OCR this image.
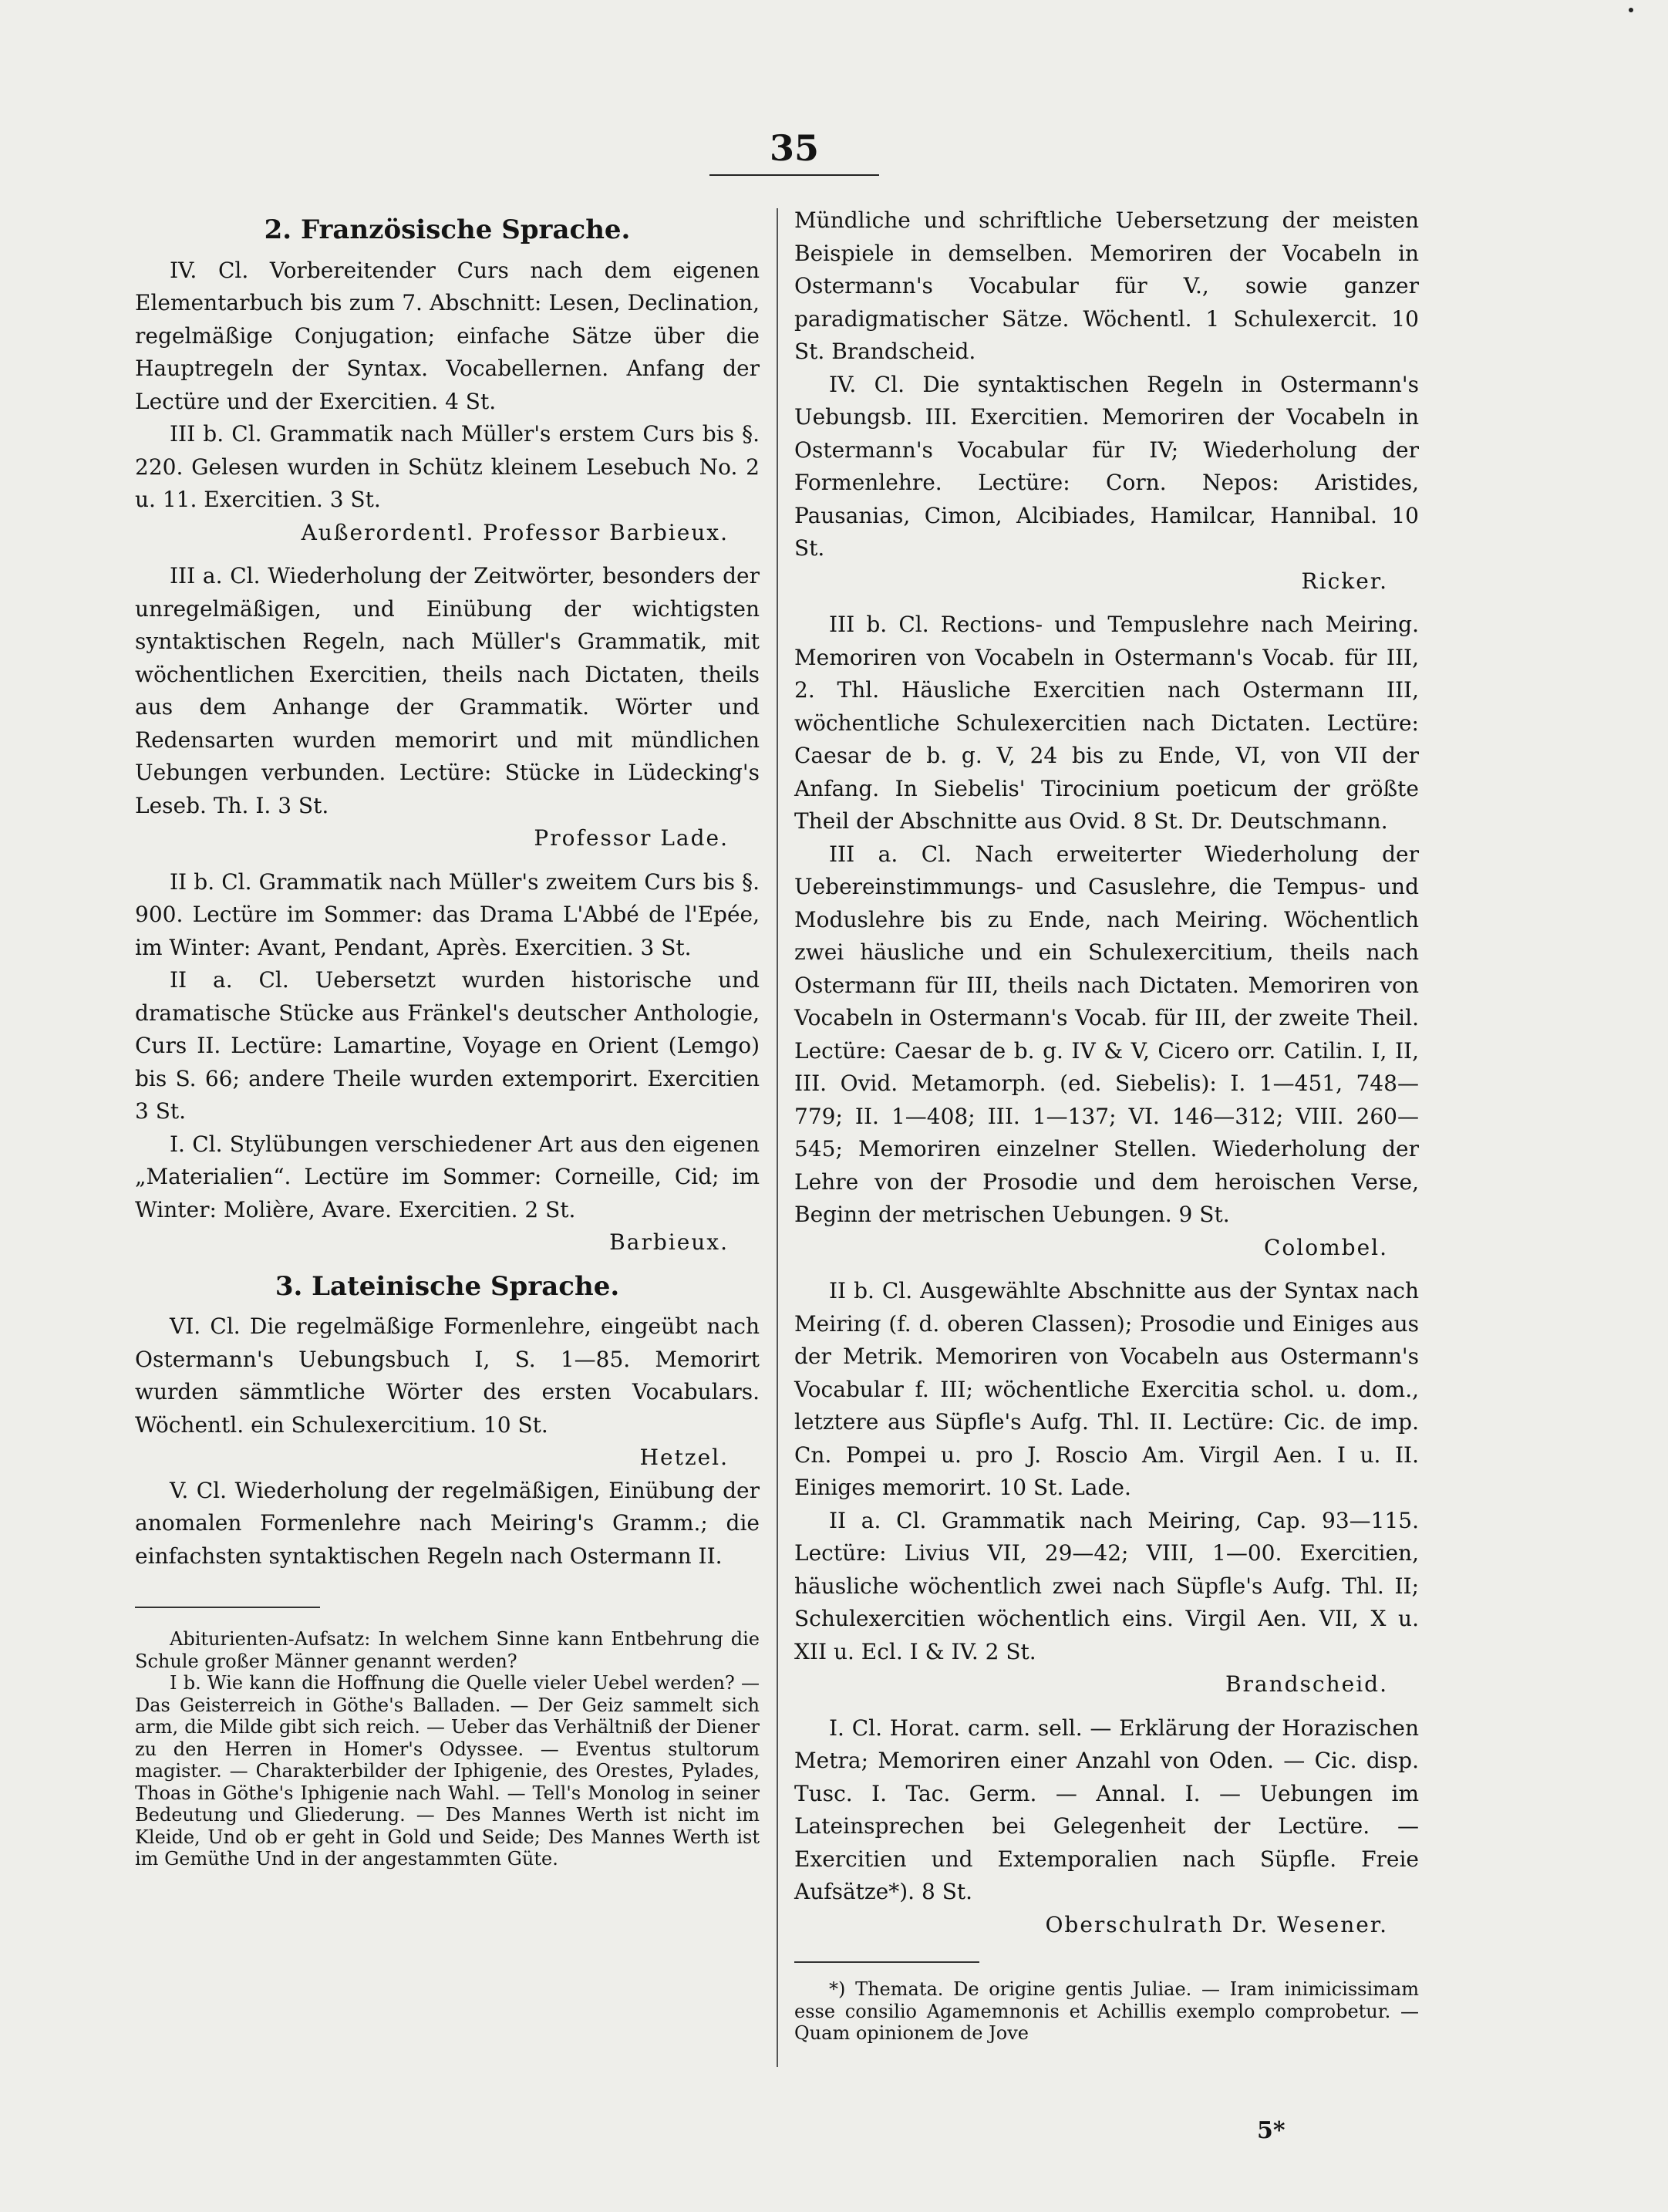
35
2. Französische Sprache.

IV. Cl. Vorbereitender Curs nach dem eigenen Elementarbuch bis zum 7. Abschnitt: Lesen, Declination, regelmäßige Conjugation; einfache Sätze über die Hauptregeln der Syntax. Vocabellernen. Anfang der Lectüre und der Exercitien. 4 St.

III b. Cl. Grammatik nach Müller's erstem Curs bis §. 220. Gelesen wurden in Schütz kleinem Lesebuch No. 2 u. 11. Exercitien. 3 St.

Außerordentl. Professor Barbieux.

III a. Cl. Wiederholung der Zeitwörter, besonders der unregelmäßigen, und Einübung der wichtigsten syntaktischen Regeln, nach Müller's Grammatik, mit wöchentlichen Exercitien, theils nach Dictaten, theils aus dem Anhange der Grammatik. Wörter und Redensarten wurden memorirt und mit mündlichen Uebungen verbunden. Lectüre: Stücke in Lüdecking's Leseb. Th. I. 3 St.

Professor Lade.

II b. Cl. Grammatik nach Müller's zweitem Curs bis §. 900. Lectüre im Sommer: das Drama L'Abbé de l'Epée, im Winter: Avant, Pendant, Après. Exercitien. 3 St.

II a. Cl. Uebersetzt wurden historische und dramatische Stücke aus Fränkel's deutscher Anthologie, Curs II. Lectüre: Lamartine, Voyage en Orient (Lemgo) bis S. 66; andere Theile wurden extemporirt. Exercitien 3 St.

I. Cl. Stylübungen verschiedener Art aus den eigenen „Materialien“. Lectüre im Sommer: Corneille, Cid; im Winter: Molière, Avare. Exercitien. 2 St.

Barbieux.

3. Lateinische Sprache.

VI. Cl. Die regelmäßige Formenlehre, eingeübt nach Ostermann's Uebungsbuch I, S. 1—85. Memorirt wurden sämmtliche Wörter des ersten Vocabulars. Wöchentl. ein Schulexercitium. 10 St.

Hetzel.

V. Cl. Wiederholung der regelmäßigen, Einübung der anomalen Formenlehre nach Meiring's Gramm.; die einfachsten syntaktischen Regeln nach Ostermann II.

Abiturienten-Aufsatz: In welchem Sinne kann Entbehrung die Schule großer Männer genannt werden?

I b. Wie kann die Hoffnung die Quelle vieler Uebel werden? — Das Geisterreich in Göthe's Balladen. — Der Geiz sammelt sich arm, die Milde gibt sich reich. — Ueber das Verhältniß der Diener zu den Herren in Homer's Odyssee. — Eventus stultorum magister. — Charakterbilder der Iphigenie, des Orestes, Pylades, Thoas in Göthe's Iphigenie nach Wahl. — Tell's Monolog in seiner Bedeutung und Gliederung. — Des Mannes Werth ist nicht im Kleide, Und ob er geht in Gold und Seide; Des Mannes Werth ist im Gemüthe Und in der angestammten Güte.

Mündliche und schriftliche Uebersetzung der meisten Beispiele in demselben. Memoriren der Vocabeln in Ostermann's Vocabular für V., sowie ganzer paradigmatischer Sätze. Wöchentl. 1 Schulexercit. 10 St. Brandscheid.

IV. Cl. Die syntaktischen Regeln in Ostermann's Uebungsb. III. Exercitien. Memoriren der Vocabeln in Ostermann's Vocabular für IV; Wiederholung der Formenlehre. Lectüre: Corn. Nepos: Aristides, Pausanias, Cimon, Alcibiades, Hamilcar, Hannibal. 10 St.

Ricker.

III b. Cl. Rections- und Tempuslehre nach Meiring. Memoriren von Vocabeln in Ostermann's Vocab. für III, 2. Thl. Häusliche Exercitien nach Ostermann III, wöchentliche Schulexercitien nach Dictaten. Lectüre: Caesar de b. g. V, 24 bis zu Ende, VI, von VII der Anfang. In Siebelis' Tirocinium poeticum der größte Theil der Abschnitte aus Ovid. 8 St. Dr. Deutschmann.

III a. Cl. Nach erweiterter Wiederholung der Uebereinstimmungs- und Casuslehre, die Tempus- und Moduslehre bis zu Ende, nach Meiring. Wöchentlich zwei häusliche und ein Schulexercitium, theils nach Ostermann für III, theils nach Dictaten. Memoriren von Vocabeln in Ostermann's Vocab. für III, der zweite Theil. Lectüre: Caesar de b. g. IV & V, Cicero orr. Catilin. I, II, III. Ovid. Metamorph. (ed. Siebelis): I. 1—451, 748—779; II. 1—408; III. 1—137; VI. 146—312; VIII. 260—545; Memoriren einzelner Stellen. Wiederholung der Lehre von der Prosodie und dem heroischen Verse, Beginn der metrischen Uebungen. 9 St.

Colombel.

II b. Cl. Ausgewählte Abschnitte aus der Syntax nach Meiring (f. d. oberen Classen); Prosodie und Einiges aus der Metrik. Memoriren von Vocabeln aus Ostermann's Vocabular f. III; wöchentliche Exercitia schol. u. dom., letztere aus Süpfle's Aufg. Thl. II. Lectüre: Cic. de imp. Cn. Pompei u. pro J. Roscio Am. Virgil Aen. I u. II. Einiges memorirt. 10 St. Lade.

II a. Cl. Grammatik nach Meiring, Cap. 93—115. Lectüre: Livius VII, 29—42; VIII, 1—00. Exercitien, häusliche wöchentlich zwei nach Süpfle's Aufg. Thl. II; Schulexercitien wöchentlich eins. Virgil Aen. VII, X u. XII u. Ecl. I & IV. 2 St.

Brandscheid.

I. Cl. Horat. carm. sell. — Erklärung der Horazischen Metra; Memoriren einer Anzahl von Oden. — Cic. disp. Tusc. I. Tac. Germ. — Annal. I. — Uebungen im Lateinsprechen bei Gelegenheit der Lectüre. — Exercitien und Extemporalien nach Süpfle. Freie Aufsätze*). 8 St.

Oberschulrath Dr. Wesener.

*) Themata. De origine gentis Juliae. — Iram inimicissimam esse consilio Agamemnonis et Achillis exemplo comprobetur. — Quam opinionem de Jove

5*
